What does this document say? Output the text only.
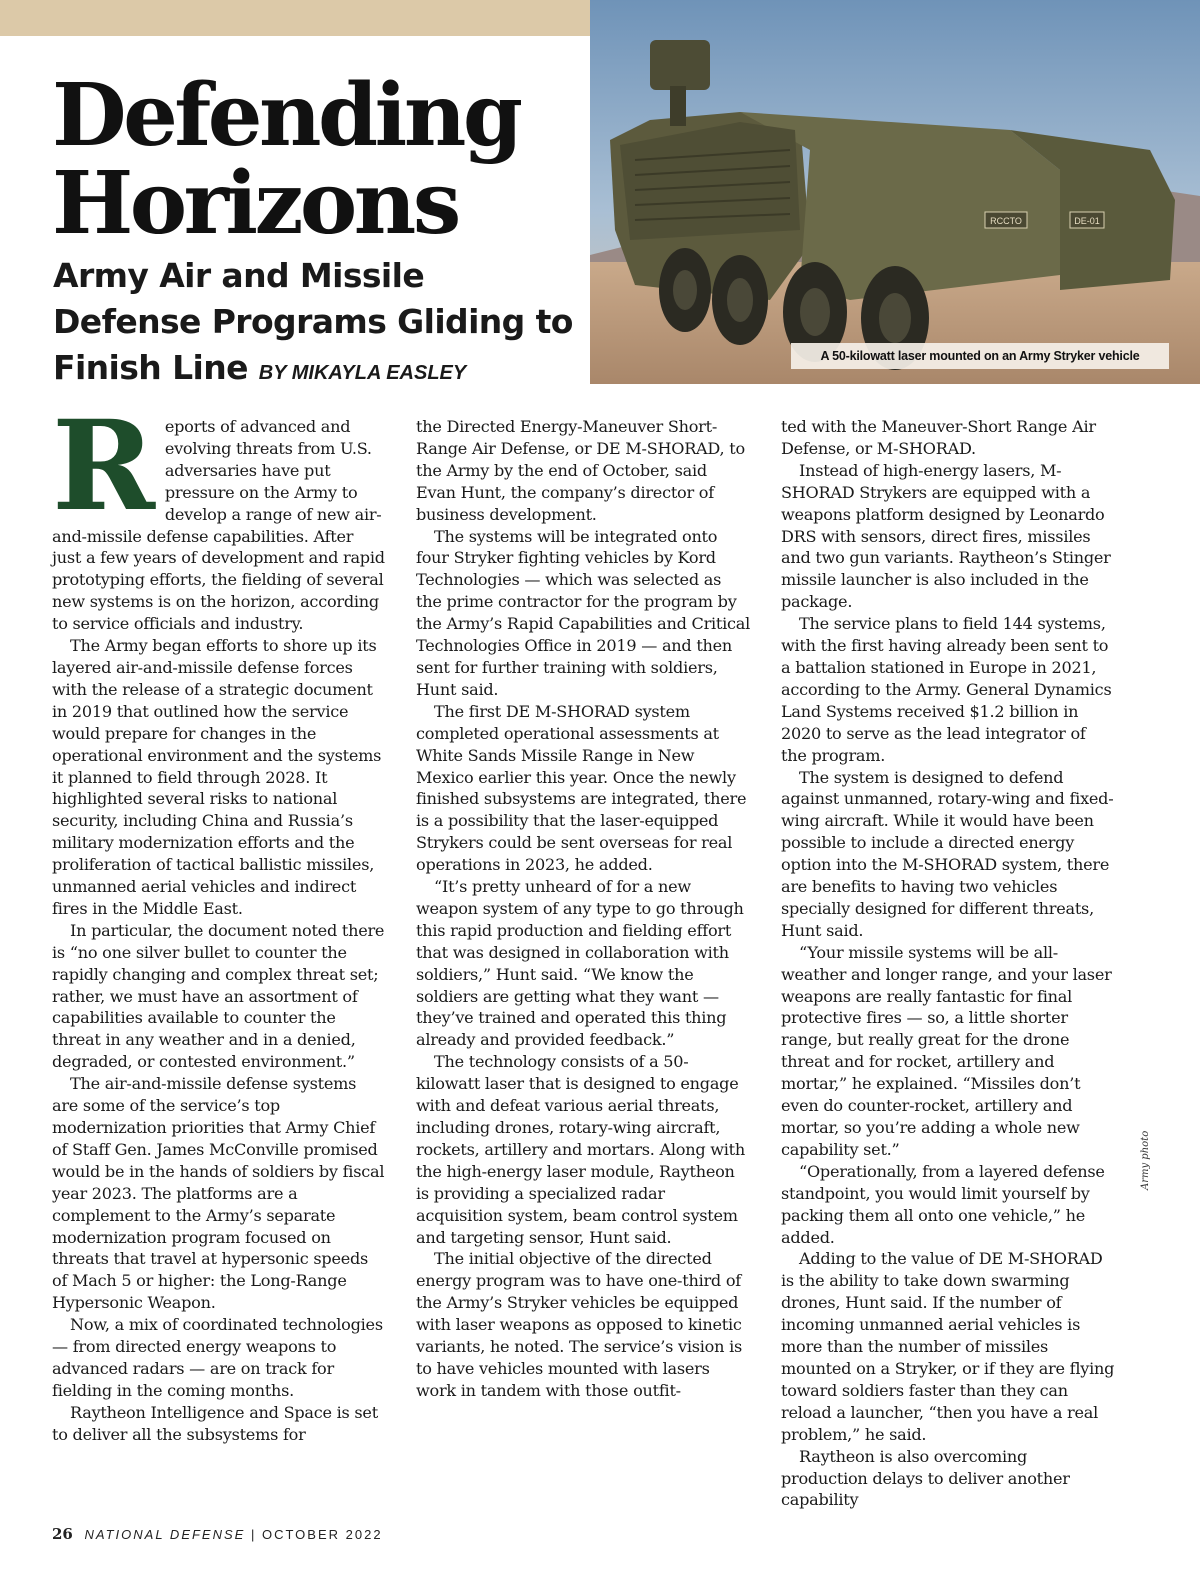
Defending
Horizons
Army Air and Missile
Defense Programs Gliding to
Finish Line BY MIKAYLA EASLEY
RCCTO	DE-01
A 50-kilowatt laser mounted on an Army Stryker vehicle

Reports of advanced and evolving threats from U.S. adversaries have put pressure on the Army to develop a range of new air-and-missile defense capabilities. After just a few years of development and rapid prototyping efforts, the fielding of several new systems is on the horizon, according to service officials and industry.

The Army began efforts to shore up its layered air-and-missile defense forces with the release of a strategic document in 2019 that outlined how the service would prepare for changes in the operational environment and the systems it planned to field through 2028. It highlighted several risks to national security, including China and Russia’s military modernization efforts and the proliferation of tactical ballistic missiles, unmanned aerial vehicles and indirect fires in the Middle East.

In particular, the document noted there is “no one silver bullet to counter the rapidly changing and complex threat set; rather, we must have an assortment of capabilities available to counter the threat in any weather and in a denied, degraded, or contested environment.”

The air-and-missile defense systems are some of the service’s top modernization priorities that Army Chief of Staff Gen. James McConville promised would be in the hands of soldiers by fiscal year 2023. The platforms are a complement to the Army’s separate modernization program focused on threats that travel at hypersonic speeds of Mach 5 or higher: the Long-Range Hypersonic Weapon.

Now, a mix of coordinated technologies — from directed energy weapons to advanced radars — are on track for fielding in the coming months.

Raytheon Intelligence and Space is set to deliver all the subsystems for

the Directed Energy-Maneuver Short-Range Air Defense, or DE M-SHORAD, to the Army by the end of October, said Evan Hunt, the company’s director of business development.

The systems will be integrated onto four Stryker fighting vehicles by Kord Technologies — which was selected as the prime contractor for the program by the Army’s Rapid Capabilities and Critical Technologies Office in 2019 — and then sent for further training with soldiers, Hunt said.

The first DE M-SHORAD system completed operational assessments at White Sands Missile Range in New Mexico earlier this year. Once the newly finished subsystems are integrated, there is a possibility that the laser-equipped Strykers could be sent overseas for real operations in 2023, he added.

“It’s pretty unheard of for a new weapon system of any type to go through this rapid production and fielding effort that was designed in collaboration with soldiers,” Hunt said. “We know the soldiers are getting what they want — they’ve trained and operated this thing already and provided feedback.”

The technology consists of a 50-kilowatt laser that is designed to engage with and defeat various aerial threats, including drones, rotary-wing aircraft, rockets, artillery and mortars. Along with the high-energy laser module, Raytheon is providing a specialized radar acquisition system, beam control system and targeting sensor, Hunt said.

The initial objective of the directed energy program was to have one-third of the Army’s Stryker vehicles be equipped with laser weapons as opposed to kinetic variants, he noted. The service’s vision is to have vehicles mounted with lasers work in tandem with those outfit-

ted with the Maneuver-Short Range Air Defense, or M-SHORAD.

Instead of high-energy lasers, M-SHORAD Strykers are equipped with a weapons platform designed by Leonardo DRS with sensors, direct fires, missiles and two gun variants. Raytheon’s Stinger missile launcher is also included in the package.

The service plans to field 144 systems, with the first having already been sent to a battalion stationed in Europe in 2021, according to the Army. General Dynamics Land Systems received $1.2 billion in 2020 to serve as the lead integrator of the program.

The system is designed to defend against unmanned, rotary-wing and fixed-wing aircraft. While it would have been possible to include a directed energy option into the M-SHORAD system, there are benefits to having two vehicles specially designed for different threats, Hunt said.

“Your missile systems will be all-weather and longer range, and your laser weapons are really fantastic for final protective fires — so, a little shorter range, but really great for the drone threat and for rocket, artillery and mortar,” he explained. “Missiles don’t even do counter-rocket, artillery and mortar, so you’re adding a whole new capability set.”

“Operationally, from a layered defense standpoint, you would limit yourself by packing them all onto one vehicle,” he added.

Adding to the value of DE M-SHORAD is the ability to take down swarming drones, Hunt said. If the number of incoming unmanned aerial vehicles is more than the number of missiles mounted on a Stryker, or if they are flying toward soldiers faster than they can reload a launcher, “then you have a real problem,” he said.

Raytheon is also overcoming production delays to deliver another capability

Army photo
26 NATIONAL DEFENSE | OCTOBER 2022
